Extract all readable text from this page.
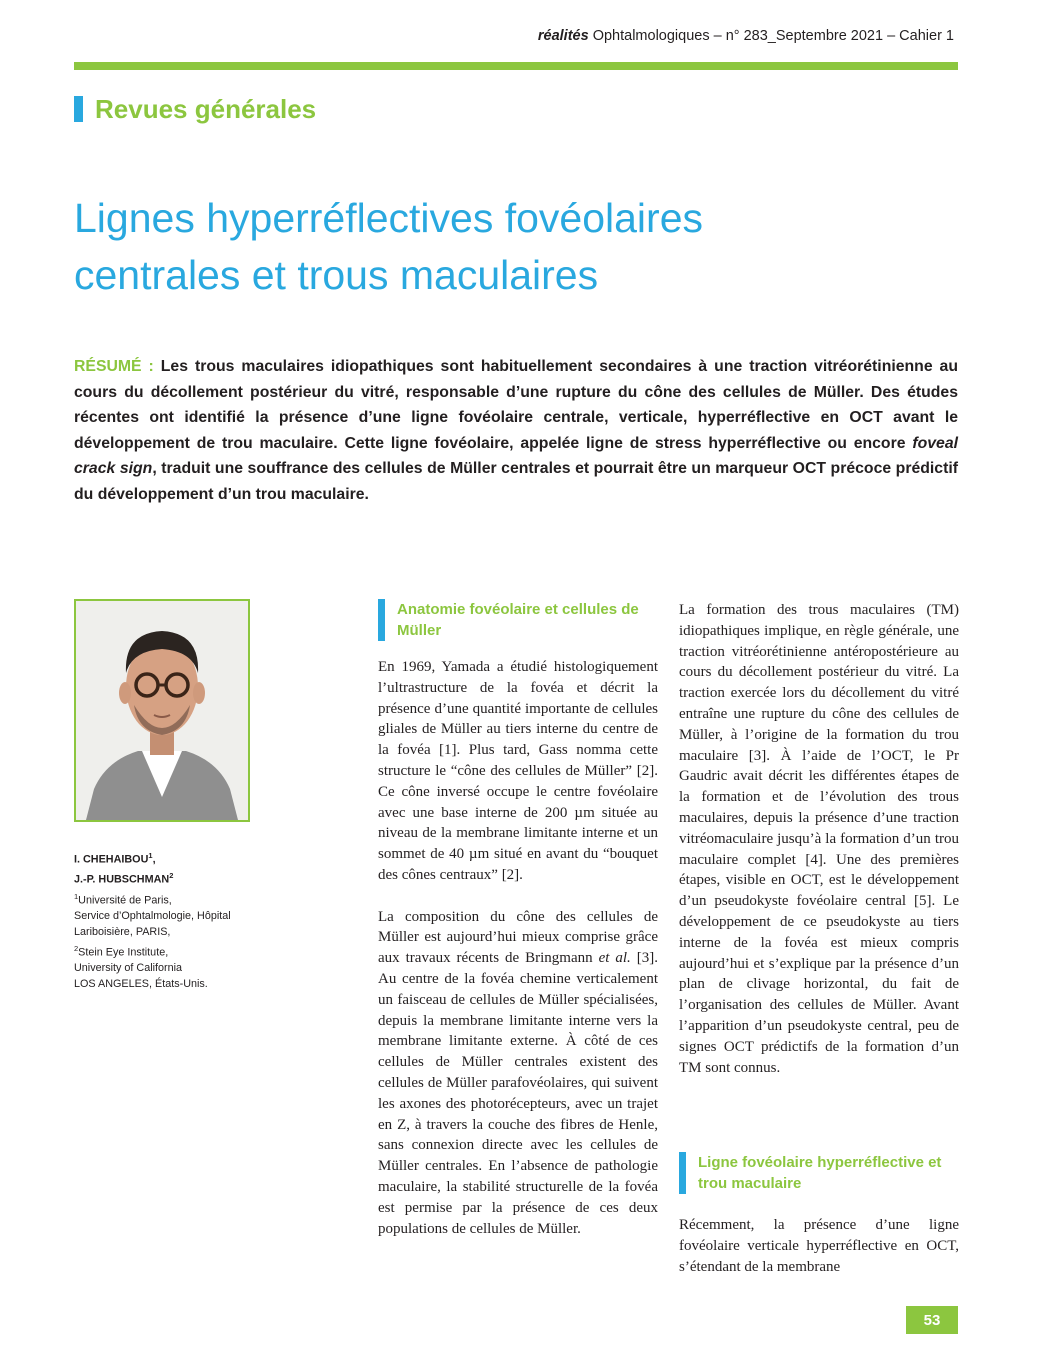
réalités Ophtalmologiques – n° 283_Septembre 2021 – Cahier 1
Revues générales
Lignes hyperréflectives fovéolaires
centrales et trous maculaires
RÉSUMÉ : Les trous maculaires idiopathiques sont habituellement secondaires à une traction vitréorétinienne au cours du décollement postérieur du vitré, responsable d’une rupture du cône des cellules de Müller. Des études récentes ont identifié la présence d’une ligne fovéolaire centrale, verticale, hyperréflective en OCT avant le développement de trou maculaire. Cette ligne fovéolaire, appelée ligne de stress hyperréflective ou encore foveal crack sign, traduit une souffrance des cellules de Müller centrales et pourrait être un marqueur OCT précoce prédictif du développement d’un trou maculaire.
I. CHEHAIBOU$^1$,
J.-P. HUBSCHMAN$^2$
$^1$Université de Paris,
Service d’Ophtalmologie, Hôpital
Lariboisière, PARIS,
$^2$Stein Eye Institute,
University of California
LOS ANGELES, États-Unis.
Anatomie fovéolaire et cellules de Müller

En 1969, Yamada a étudié histologiquement l’ultrastructure de la fovéa et décrit la présence d’une quantité importante de cellules gliales de Müller au tiers interne du centre de la fovéa [1]. Plus tard, Gass nomma cette structure le “cône des cellules de Müller” [2]. Ce cône inversé occupe le centre fovéolaire avec une base interne de 200 µm située au niveau de la membrane limitante interne et un sommet de 40 µm situé en avant du “bouquet des cônes centraux” [2].

La composition du cône des cellules de Müller est aujourd’hui mieux comprise grâce aux travaux récents de Bringmann et al. [3]. Au centre de la fovéa chemine verticalement un faisceau de cellules de Müller spécialisées, depuis la membrane limitante interne vers la membrane limitante externe. À côté de ces cellules de Müller centrales existent des cellules de Müller parafovéolaires, qui suivent les axones des photorécepteurs, avec un trajet en Z, à travers la couche des fibres de Henle, sans connexion directe avec les cellules de Müller centrales. En l’absence de pathologie maculaire, la stabilité structurelle de la fovéa est permise par la présence de ces deux populations de cellules de Müller.

La formation des trous maculaires (TM) idiopathiques implique, en règle générale, une traction vitréorétinienne antéropostérieure au cours du décollement postérieur du vitré. La traction exercée lors du décollement du vitré entraîne une rupture du cône des cellules de Müller, à l’origine de la formation du trou maculaire [3]. À l’aide de l’OCT, le Pr Gaudric avait décrit les différentes étapes de la formation et de l’évolution des trous maculaires, depuis la présence d’une traction vitréomaculaire jusqu’à la formation d’un trou maculaire complet [4]. Une des premières étapes, visible en OCT, est le développement d’un pseudokyste fovéolaire central [5]. Le développement de ce pseudokyste au tiers interne de la fovéa est mieux compris aujourd’hui et s’explique par la présence d’un plan de clivage horizontal, du fait de l’organisation des cellules de Müller. Avant l’apparition d’un pseudokyste central, peu de signes OCT prédictifs de la formation d’un TM sont connus.

Ligne fovéolaire hyperréflective et trou maculaire

Récemment, la présence d’une ligne fovéolaire verticale hyperréflective en OCT, s’étendant de la membrane

53
